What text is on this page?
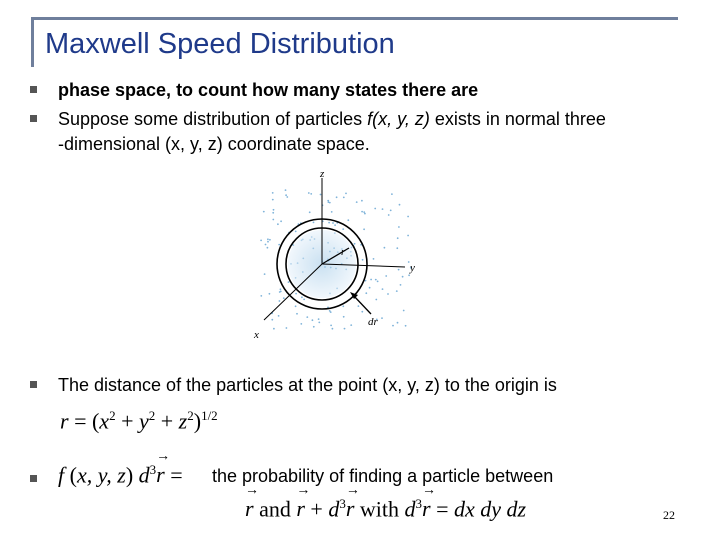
Maxwell Speed Distribution
phase space, to count how many states there are
Suppose some distribution of particles f(x, y, z) exists in normal three
-dimensional (x, y, z) coordinate space.
z
y
x
r
dr
The distance of the particles at the point (x, y, z) to the origin is
$r = (x^2 + y^2 + z^2)^{1/2}$
f (x, y, z) $d^3\to r$ = the probability of finding a particle between
→ r and → $r + d^3\to r$ with $d^3\to r$ = dx dy dz	22
